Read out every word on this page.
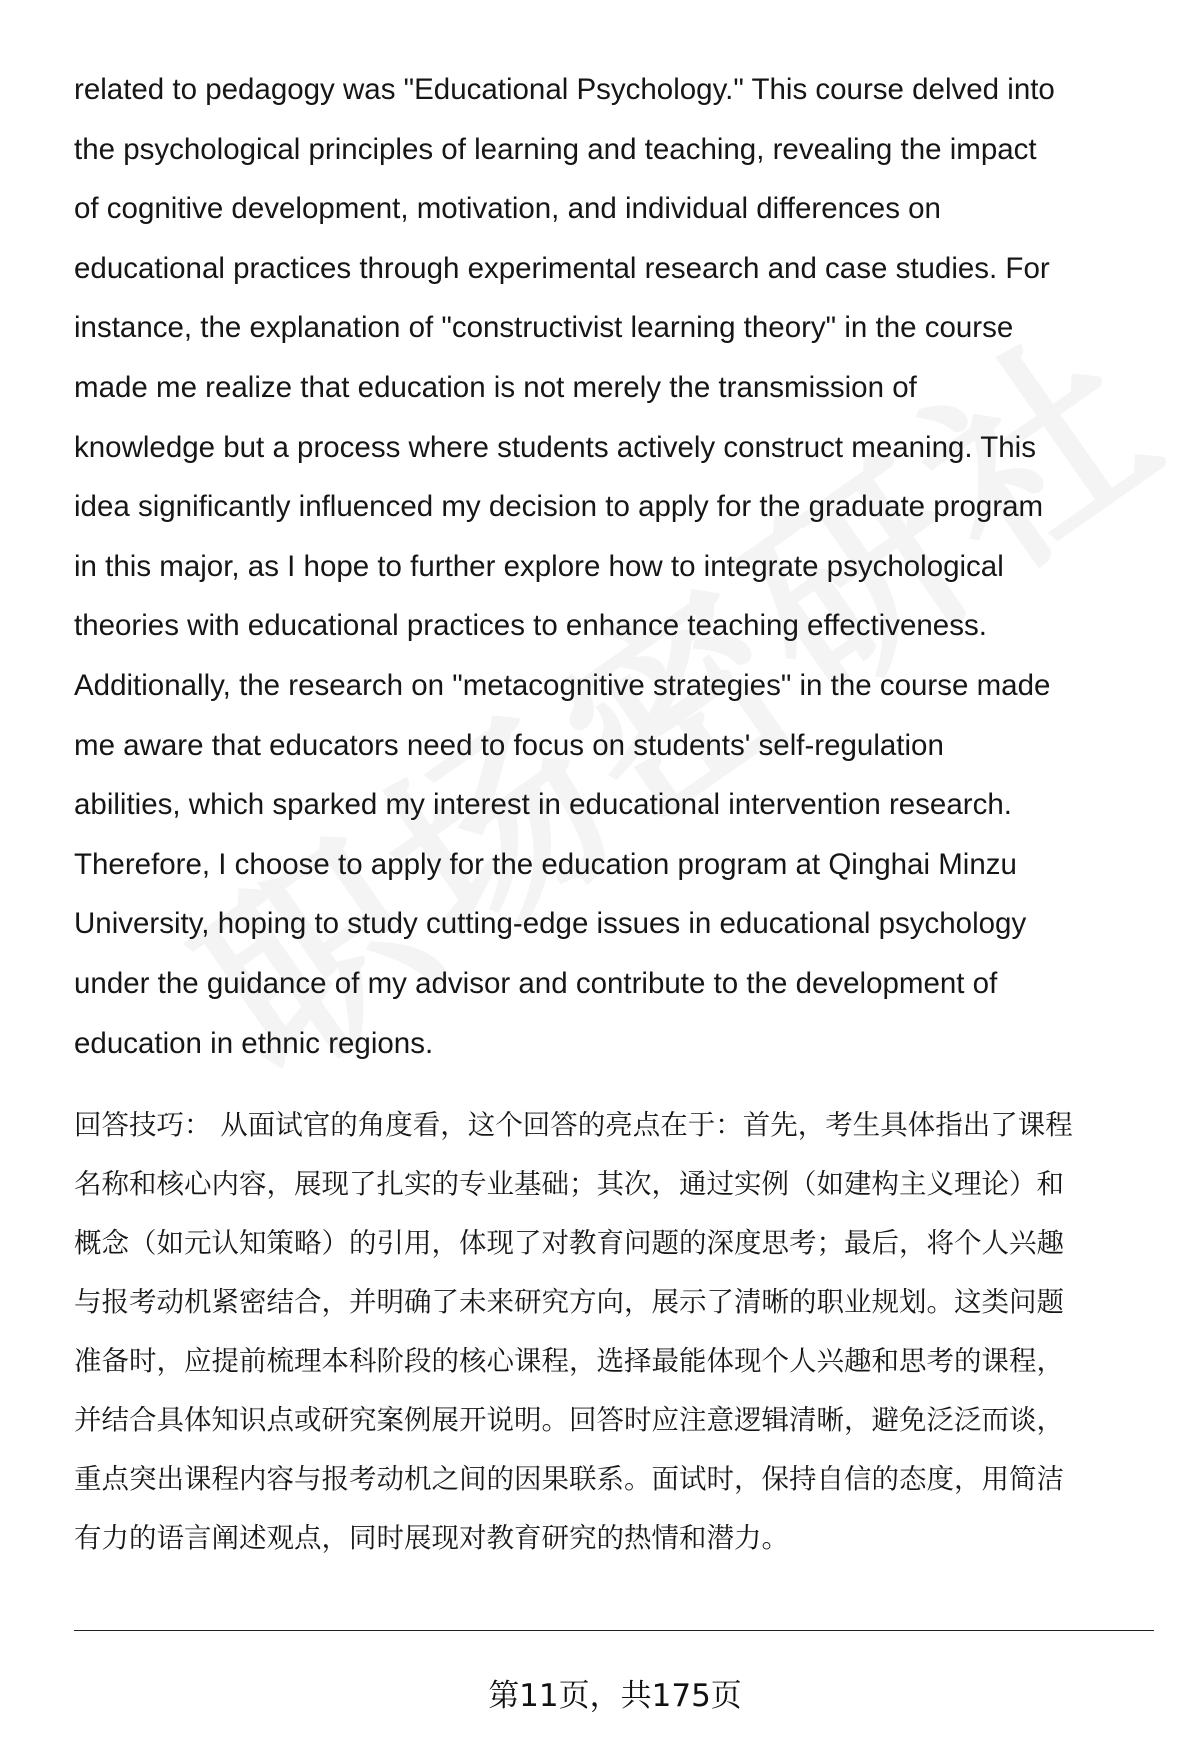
related to pedagogy was "Educational Psychology." This course delved into
the psychological principles of learning and teaching, revealing the impact
of cognitive development, motivation, and individual differences on
educational practices through experimental research and case studies. For
instance, the explanation of "constructivist learning theory" in the course
made me realize that education is not merely the transmission of
knowledge but a process where students actively construct meaning. This
idea significantly influenced my decision to apply for the graduate program
in this major, as I hope to further explore how to integrate psychological
theories with educational practices to enhance teaching effectiveness.
Additionally, the research on "metacognitive strategies" in the course made
me aware that educators need to focus on students' self-regulation
abilities, which sparked my interest in educational intervention research.
Therefore, I choose to apply for the education program at Qinghai Minzu
University, hoping to study cutting-edge issues in educational psychology
under the guidance of my advisor and contribute to the development of
education in ethnic regions.
回答技巧： 从面试官的角度看，这个回答的亮点在于：首先，考生具体指出了课程
名称和核心内容，展现了扎实的专业基础；其次，通过实例（如建构主义理论）和
概念（如元认知策略）的引用，体现了对教育问题的深度思考；最后，将个人兴趣
与报考动机紧密结合，并明确了未来研究方向，展示了清晰的职业规划。这类问题
准备时，应提前梳理本科阶段的核心课程，选择最能体现个人兴趣和思考的课程，
并结合具体知识点或研究案例展开说明。回答时应注意逻辑清晰，避免泛泛而谈，
重点突出课程内容与报考动机之间的因果联系。面试时，保持自信的态度，用简洁
有力的语言阐述观点，同时展现对教育研究的热情和潜力。
第11页，共175页
